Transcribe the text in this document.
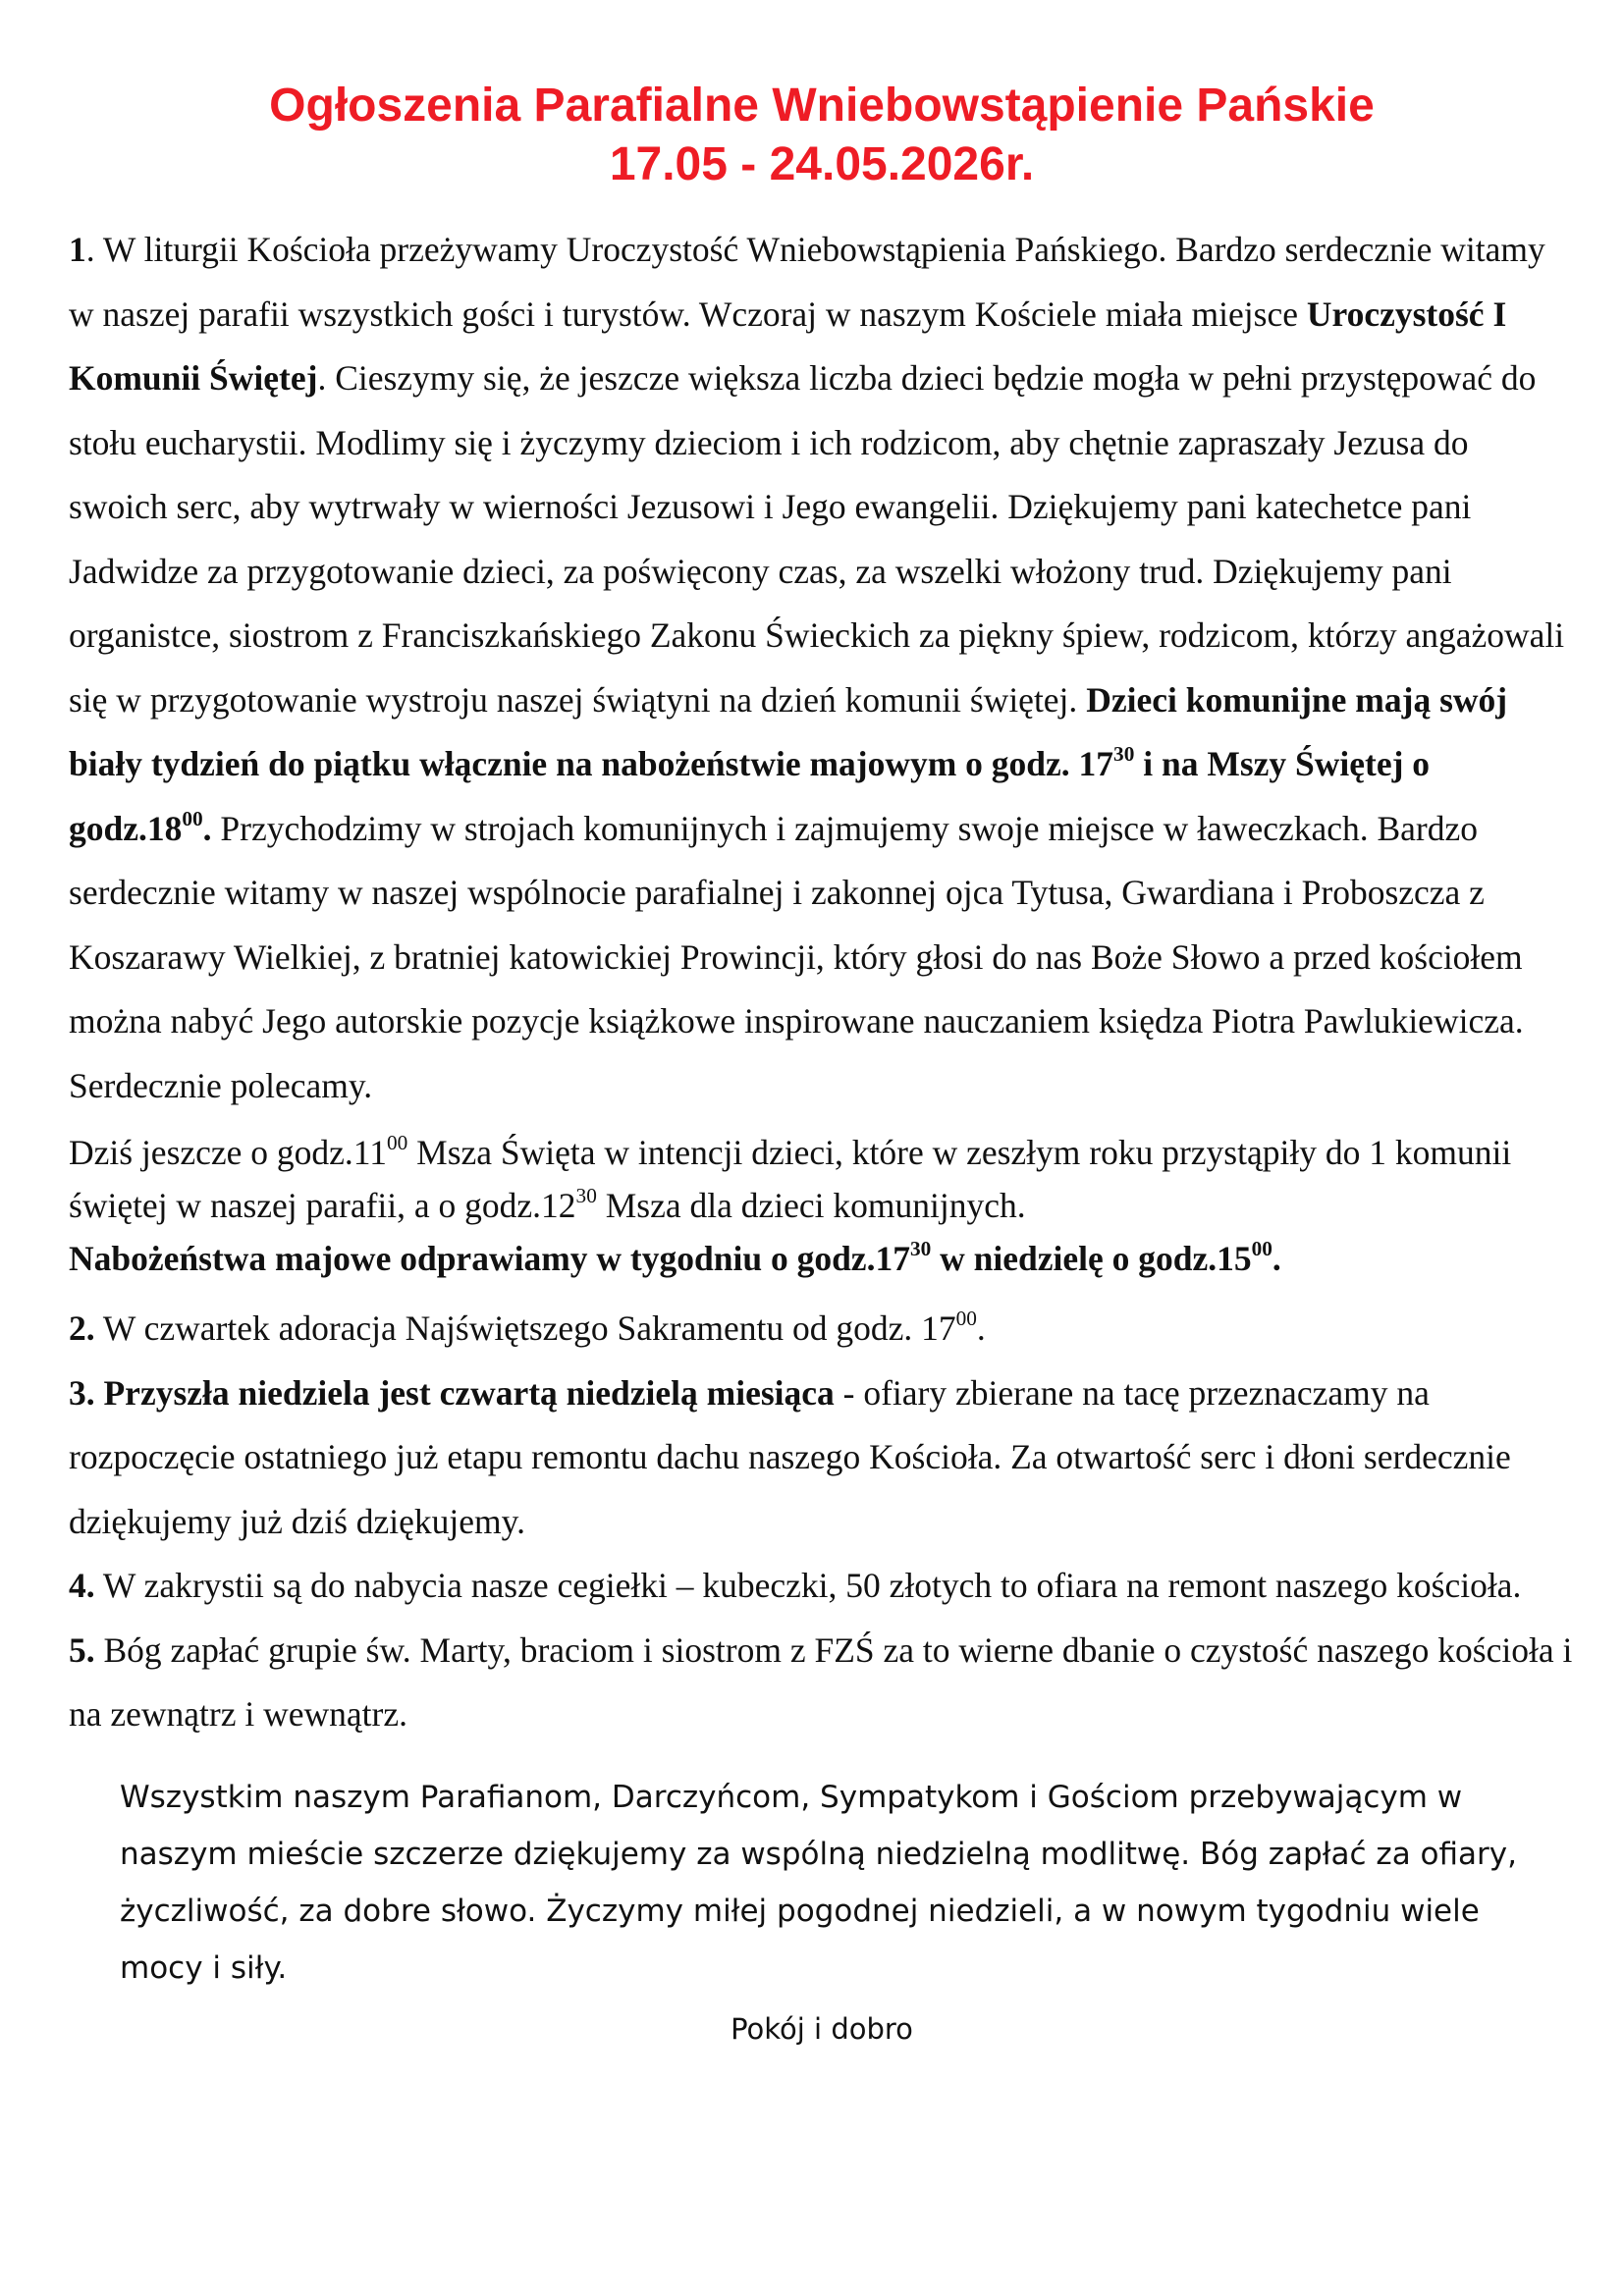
Ogłoszenia Parafialne Wniebowstąpienie Pańskie
17.05 - 24.05.2026r.

1. W liturgii Kościoła przeżywamy Uroczystość Wniebowstąpienia Pańskiego. Bardzo serdecznie witamy w naszej parafii wszystkich gości i turystów. Wczoraj w naszym Kościele miała miejsce Uroczystość I Komunii Świętej. Cieszymy się, że jeszcze większa liczba dzieci będzie mogła w pełni przystępować do stołu eucharystii. Modlimy się i życzymy dzieciom i ich rodzicom, aby chętnie zapraszały Jezusa do swoich serc, aby wytrwały w wierności Jezusowi i Jego ewangelii. Dziękujemy pani katechetce pani Jadwidze za przygotowanie dzieci, za poświęcony czas, za wszelki włożony trud. Dziękujemy pani organistce, siostrom z Franciszkańskiego Zakonu Świeckich za piękny śpiew, rodzicom, którzy angażowali się w przygotowanie wystroju naszej świątyni na dzień komunii świętej. Dzieci komunijne mają swój biały tydzień do piątku włącznie na nabożeństwie majowym o godz. $17^{30}$ i na Mszy Świętej o $godz.18^{00}$. Przychodzimy w strojach komunijnych i zajmujemy swoje miejsce w ławeczkach. Bardzo serdecznie witamy w naszej wspólnocie parafialnej i zakonnej ojca Tytusa, Gwardiana i Proboszcza z Koszarawy Wielkiej, z bratniej katowickiej Prowincji, który głosi do nas Boże Słowo a przed kościołem można nabyć Jego autorskie pozycje książkowe inspirowane nauczaniem księdza Piotra Pawlukiewicza. Serdecznie polecamy.

Dziś jeszcze o $godz.11^{00}$ Msza Święta w intencji dzieci, które w zeszłym roku przystąpiły do 1 komunii świętej w naszej parafii, a o $godz.12^{30}$ Msza dla dzieci komunijnych.

Nabożeństwa majowe odprawiamy w tygodniu o $godz.17^{30}$ w niedzielę o $godz.15^{00}$.

2. W czwartek adoracja Najświętszego Sakramentu od godz. $17^{00}$.

3. Przyszła niedziela jest czwartą niedzielą miesiąca - ofiary zbierane na tacę przeznaczamy na rozpoczęcie ostatniego już etapu remontu dachu naszego Kościoła. Za otwartość serc i dłoni serdecznie dziękujemy już dziś dziękujemy.

4. W zakrystii są do nabycia nasze cegiełki – kubeczki, 50 złotych to ofiara na remont naszego kościoła.

5. Bóg zapłać grupie św. Marty, braciom i siostrom z FZŚ za to wierne dbanie o czystość naszego kościoła i na zewnątrz i wewnątrz.

Wszystkim naszym Parafianom, Darczyńcom, Sympatykom i Gościom przebywającym w naszym mieście szczerze dziękujemy za wspólną niedzielną modlitwę. Bóg zapłać za ofiary, życzliwość, za dobre słowo. Życzymy miłej pogodnej niedzieli, a w nowym tygodniu wiele mocy i siły.
Pokój i dobro
